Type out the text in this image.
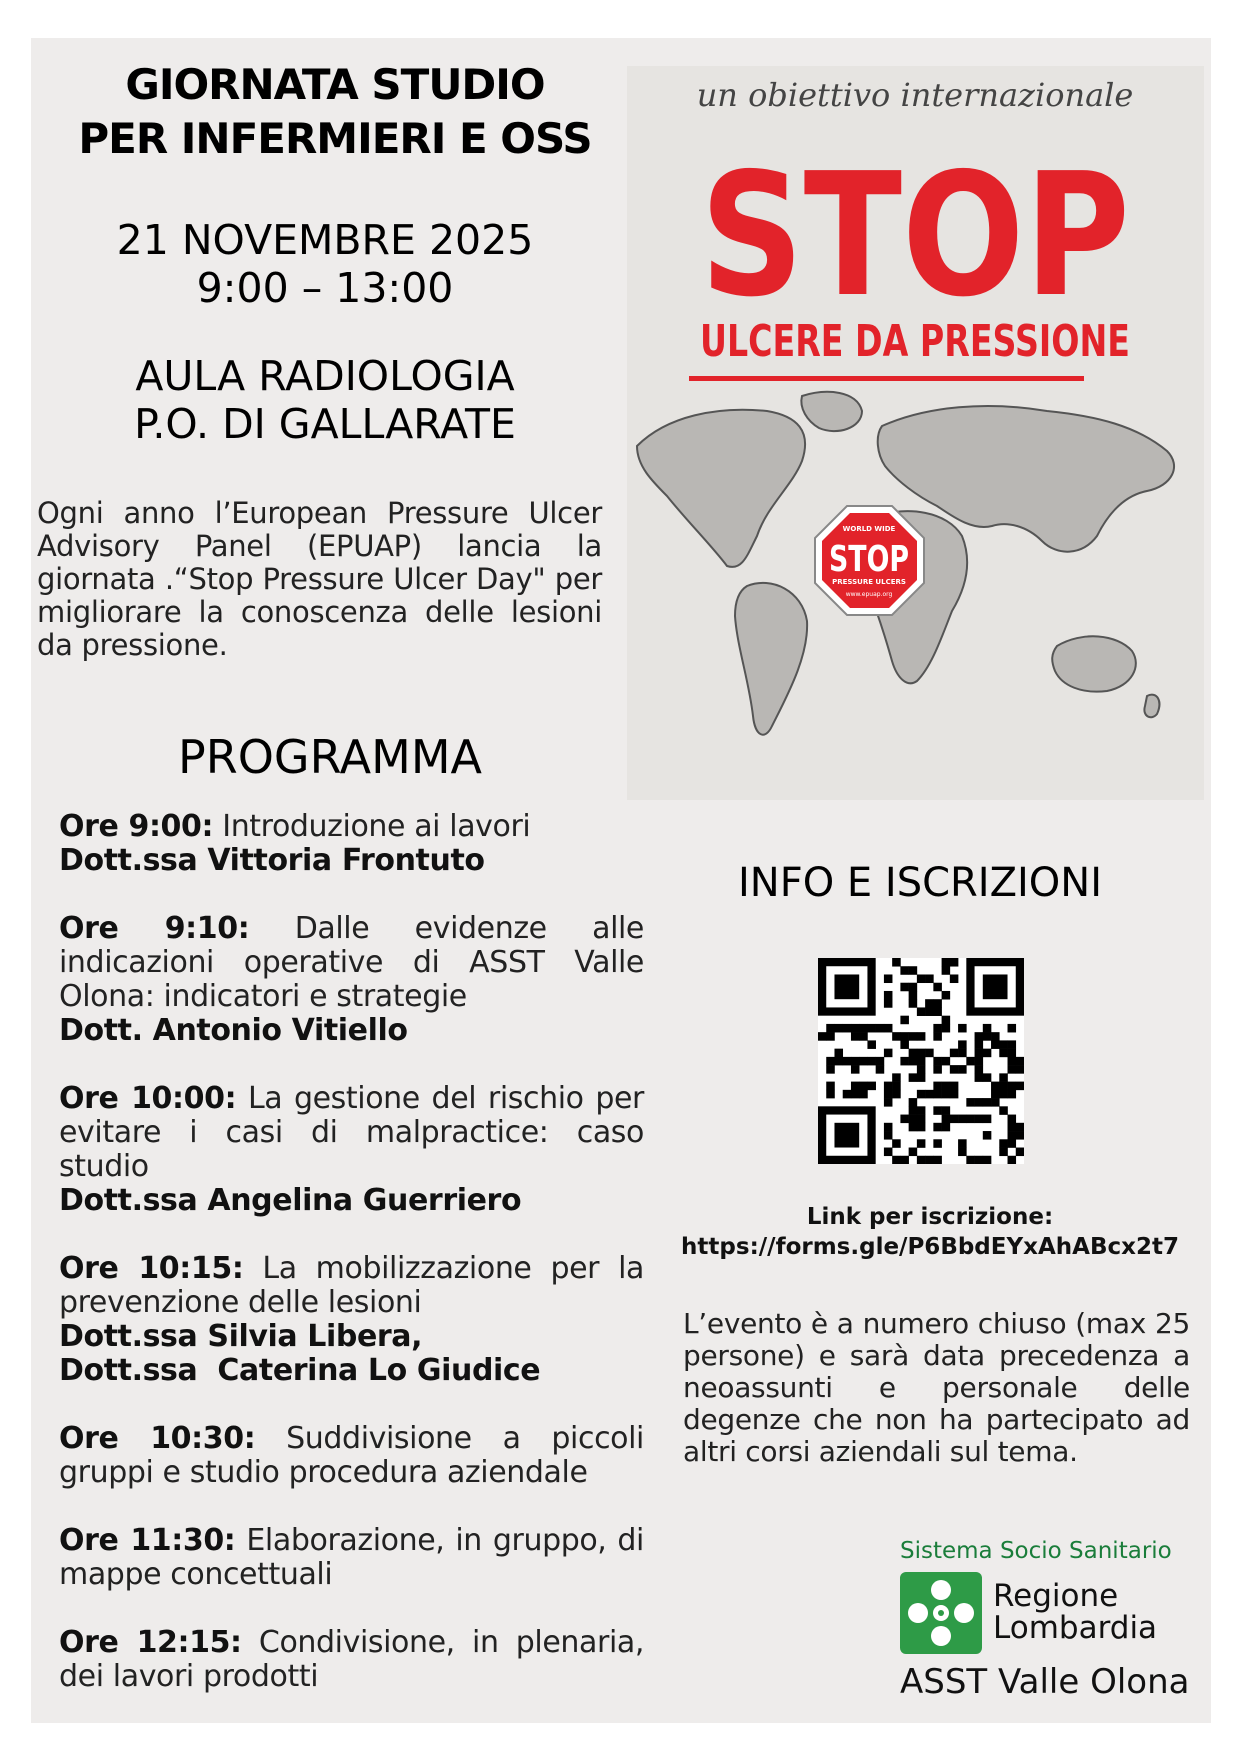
GIORNATA STUDIO
PER INFERMIERI E OSS
21 NOVEMBRE 2025
9:00 – 13:00
AULA RADIOLOGIA
P.O. DI GALLARATE
Ogni anno l’European Pressure Ulcer Advisory Panel (EPUAP) lancia la giornata .“Stop Pressure Ulcer Day" per migliorare la conoscenza delle lesioni da pressione.
un obiettivo internazionale
STOP
ULCERE DA PRESSIONE
WORLD WIDE
STOP
PRESSURE ULCERS
www.epuap.org
PROGRAMMA
Ore 9:00: Introduzione ai lavori
Dott.ssa Vittoria Frontuto
Ore 9:10: Dalle evidenze alle indicazioni operative di ASST Valle Olona: indicatori e strategie
Dott. Antonio Vitiello
Ore 10:00: La gestione del rischio per evitare i casi di malpractice: caso studio
Dott.ssa Angelina Guerriero
Ore 10:15: La mobilizzazione per la prevenzione delle lesioni
Dott.ssa Silvia Libera,
Dott.ssa  Caterina Lo Giudice
Ore 10:30: Suddivisione a piccoli gruppi e studio procedura aziendale
Ore 11:30: Elaborazione, in gruppo, di mappe concettuali
Ore 12:15: Condivisione, in plenaria, dei lavori prodotti
INFO E ISCRIZIONI
Link per iscrizione:
https://forms.gle/P6BbdEYxAhABcx2t7
L’evento è a numero chiuso (max 25 persone) e sarà data precedenza a neoassunti e personale delle degenze che non ha partecipato ad altri corsi aziendali sul tema.
Sistema Socio Sanitario
Regione
Lombardia
ASST Valle Olona
